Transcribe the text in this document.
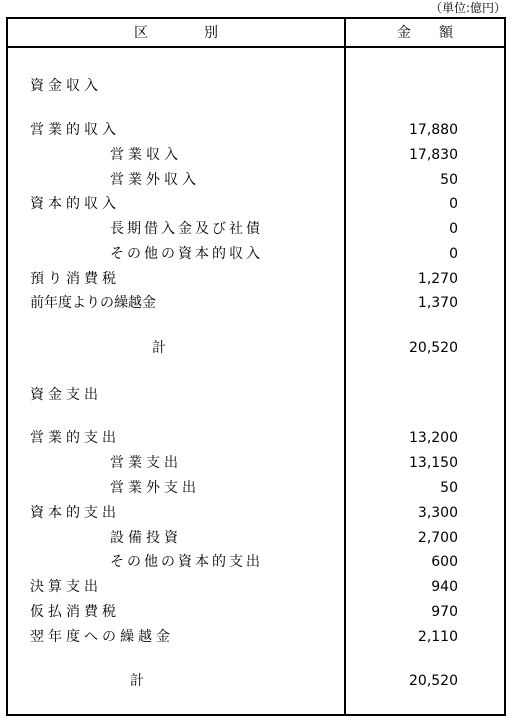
（単位:億円）
区　　　　別	金　　額
資金収入
営業的収入	17,880
営業収入	17,830
営業外収入	50
資本的収入	0
長期借入金及び社債	0
その他の資本的収入	0
預り消費税	1,270
前年度よりの繰越金	1,370
計	20,520
資金支出
営業的支出	13,200
営業支出	13,150
営業外支出	50
資本的支出	3,300
設備投資	2,700
その他の資本的支出	600
決算支出	940
仮払消費税	970
翌年度への繰越金	2,110
計	20,520
